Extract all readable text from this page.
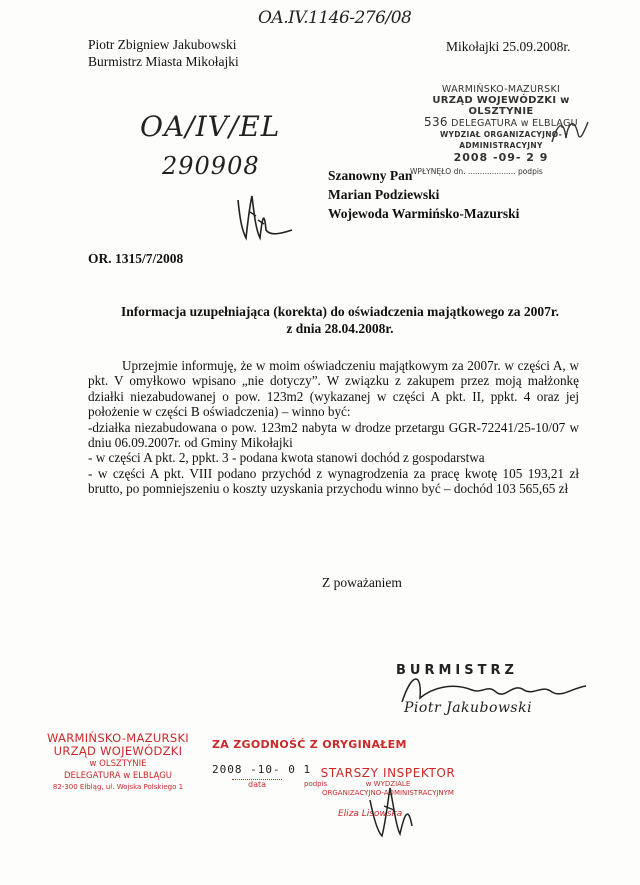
OA.IV.1146-276/08
Piotr Zbigniew Jakubowski
Burmistrz Miasta Mikołajki
Mikołajki 25.09.2008r.
WARMIŃSKO-MAZURSKI
URZĄD WOJEWÓDZKI w OLSZTYNIE
536 DELEGATURA w ELBLĄGU
WYDZIAŁ ORGANIZACYJNO-ADMINISTRACYJNY
2008 -09- 2 9
WPŁYNĘŁO dn. .................... podpis
OA/IV/EL
290908	Szanowny Pan
Marian Podziewski
Wojewoda Warmińsko-Mazurski
OR. 1315/7/2008
Informacja uzupełniająca (korekta) do oświadczenia majątkowego za 2007r.
z dnia 28.04.2008r.

Uprzejmie informuję, że w moim oświadczeniu majątkowym za 2007r. w części A, w pkt. V omyłkowo wpisano „nie dotyczy”. W związku z zakupem przez moją małżonkę działki niezabudowanej o pow. 123m2 (wykazanej w części A pkt. II, ppkt. 4 oraz jej położenie w części B oświadczenia) – winno być:

-działka niezabudowana o pow. 123m2 nabyta w drodze przetargu GGR-72241/25-10/07 w dniu 06.09.2007r. od Gminy Mikołajki

- w części A pkt. 2, ppkt. 3 - podana kwota stanowi dochód z gospodarstwa

- w części A pkt. VIII podano przychód z wynagrodzenia za pracę kwotę 105 193,21 zł brutto, po pomniejszeniu o koszty uzyskania przychodu winno być – dochód 103 565,65 zł

Z poważaniem
BURMISTRZ
Piotr Jakubowski
WARMIŃSKO-MAZURSKI
URZĄD WOJEWÓDZKI
w OLSZTYNIE
DELEGATURA w ELBLĄGU
82-300 Elbląg, ul. Wojska Polskiego 1
ZA ZGODNOŚĆ Z ORYGINAŁEM
2008 -10- 0 1
data
STARSZY INSPEKTOR
w WYDZIALE
ORGANIZACYJNO-ADMINISTRACYJNYM
podpis
Eliza Lisowska
